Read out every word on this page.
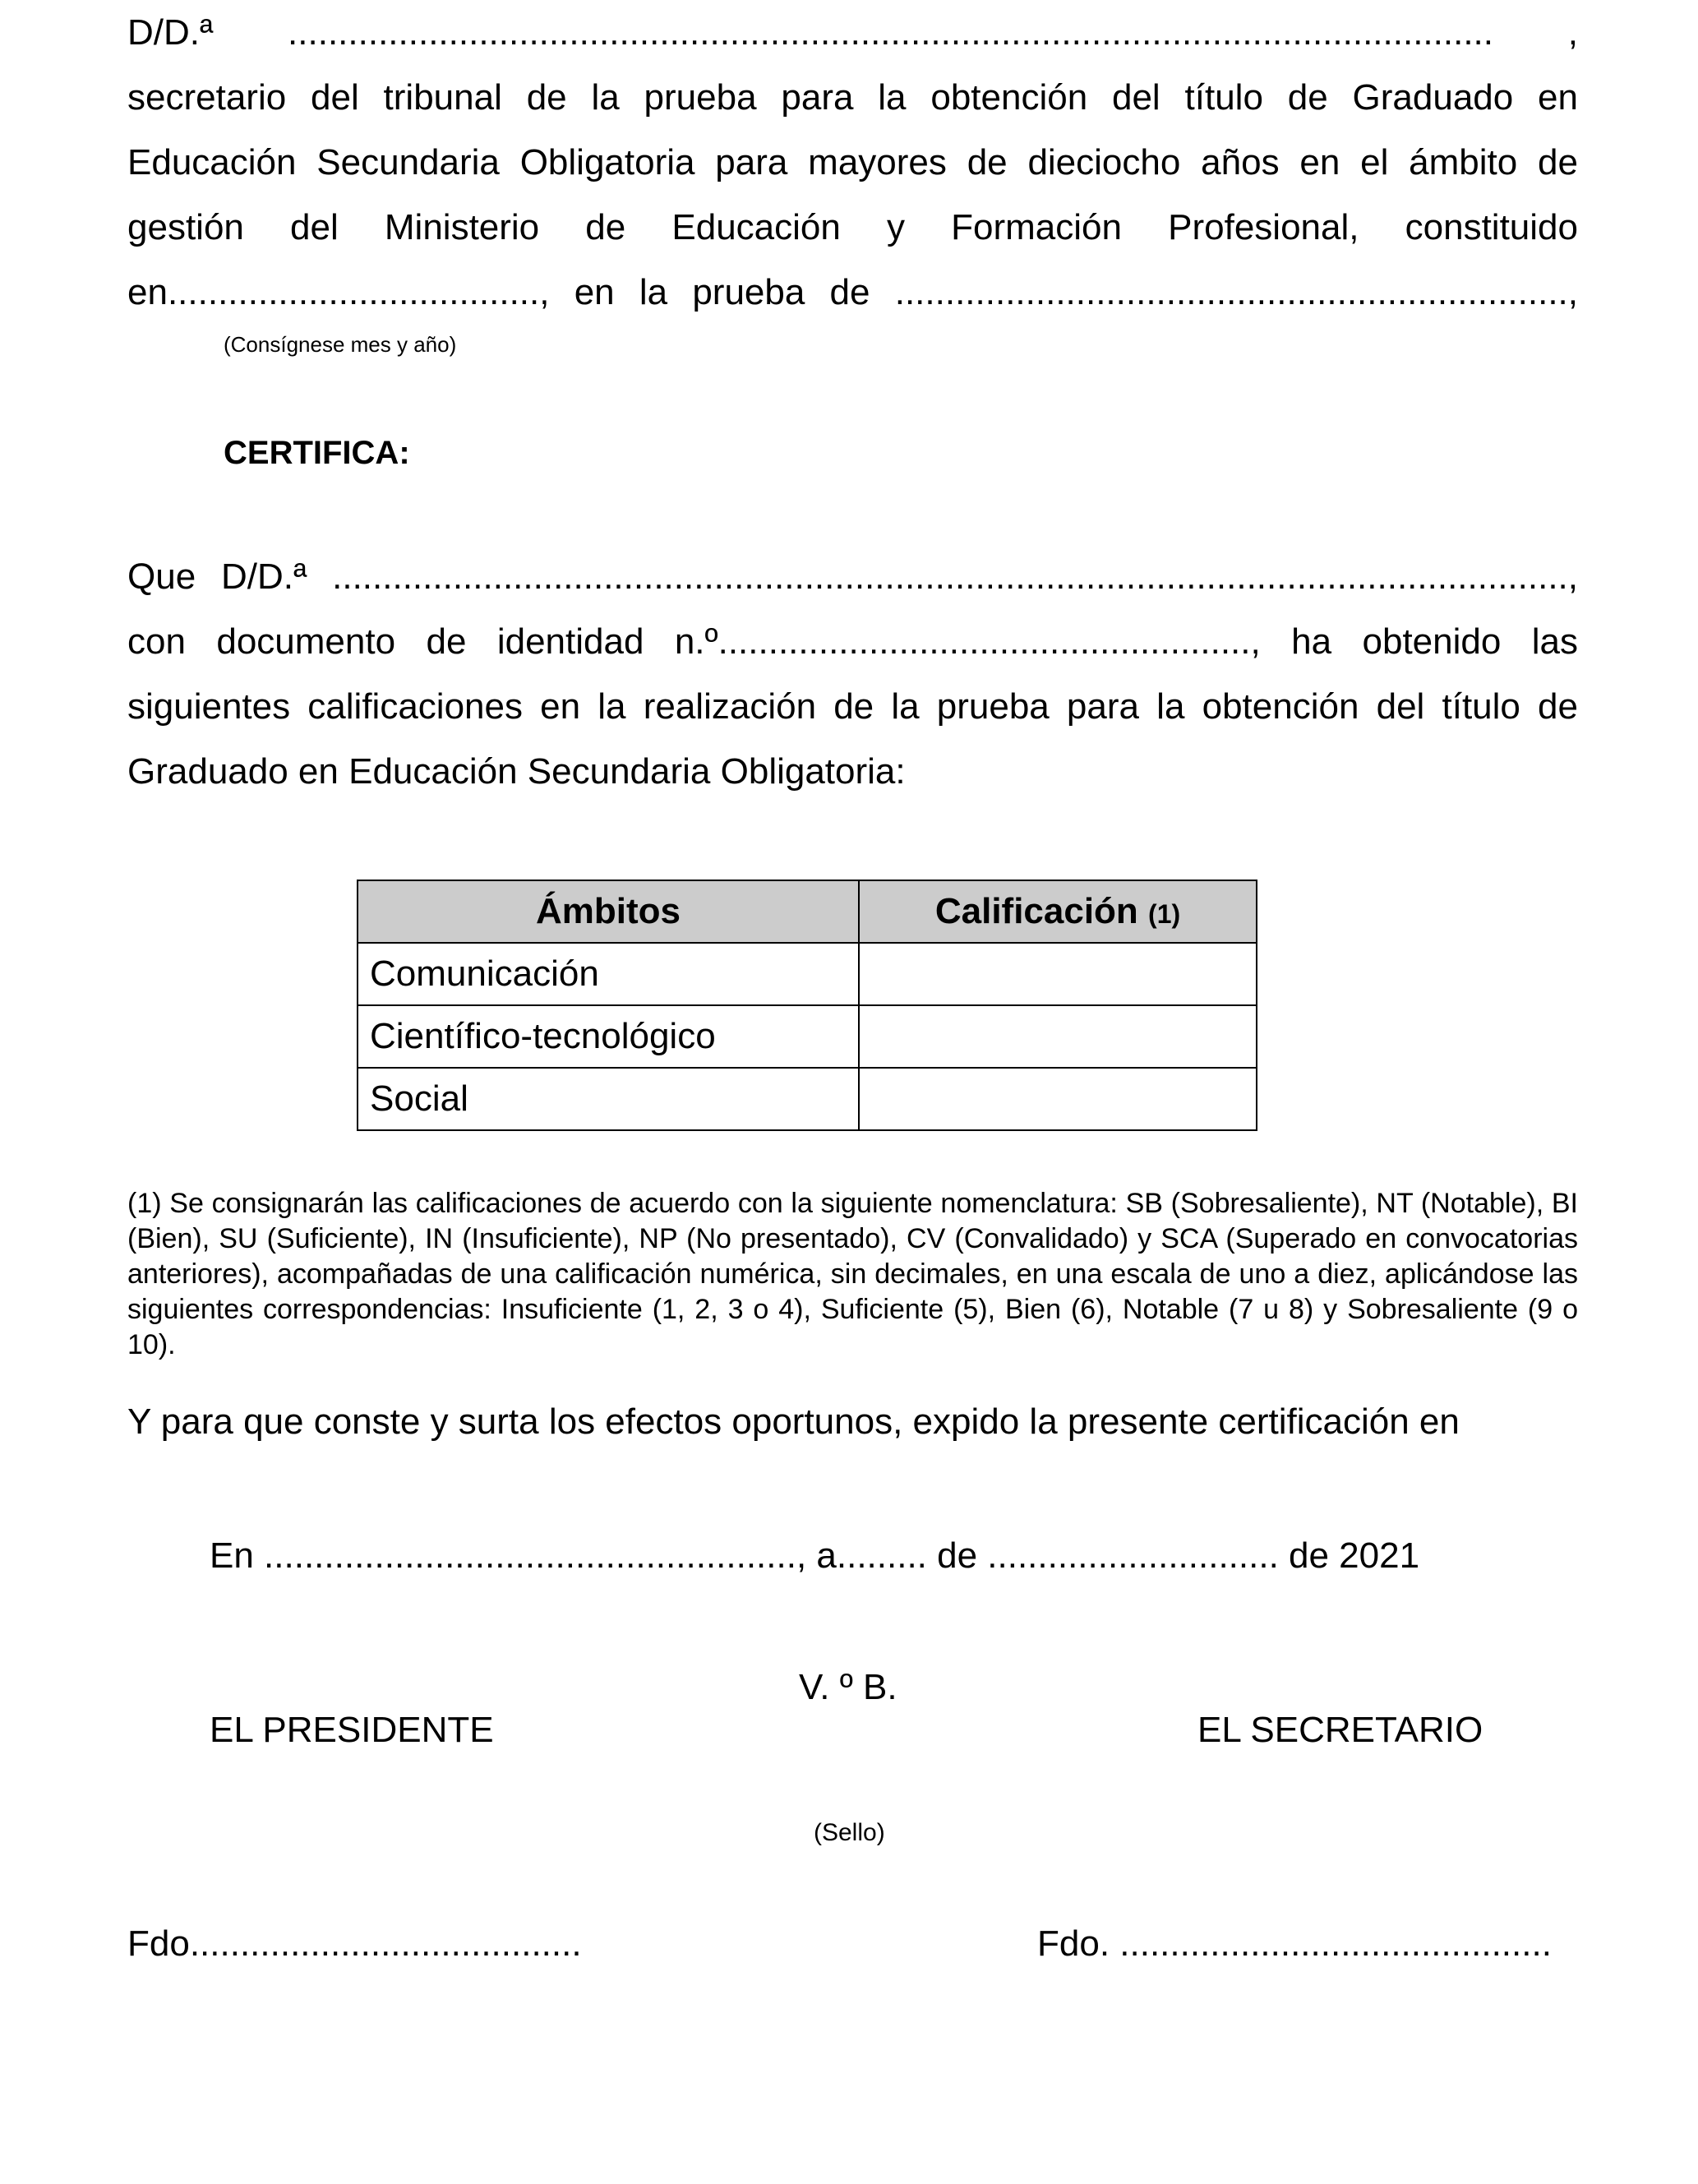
D/D.ª ........................................................................................................................ ,
secretario del tribunal de la prueba para la obtención del título de Graduado en
Educación Secundaria Obligatoria para mayores de dieciocho años en el ámbito de
gestión del Ministerio de Educación y Formación Profesional, constituido
en....................................., en la prueba de ...................................................................,
(Consígnese mes y año)
CERTIFICA:
Que D/D.ª ...........................................................................................................................,
con documento de identidad n.º....................................................., ha obtenido las
siguientes calificaciones en la realización de la prueba para la obtención del título de
Graduado en Educación Secundaria Obligatoria:
Ámbitos	Calificación (1)
Comunicación	
Científico-tecnológico	
Social	
(1) Se consignarán las calificaciones de acuerdo con la siguiente nomenclatura: SB (Sobresaliente), NT (Notable), BI (Bien), SU (Suficiente), IN (Insuficiente), NP (No presentado), CV (Convalidado) y SCA (Superado en convocatorias anteriores), acompañadas de una calificación numérica, sin decimales, en una escala de uno a diez, aplicándose las siguientes correspondencias: Insuficiente (1, 2, 3 o 4), Suficiente (5), Bien (6), Notable (7 u 8) y Sobresaliente (9 o 10).
Y para que conste y surta los efectos oportunos, expido la presente certificación en
En ....................................................., a......... de ............................. de 2021
V. º B.
EL PRESIDENTE	EL SECRETARIO
(Sello)
Fdo.......................................	Fdo. ...........................................
